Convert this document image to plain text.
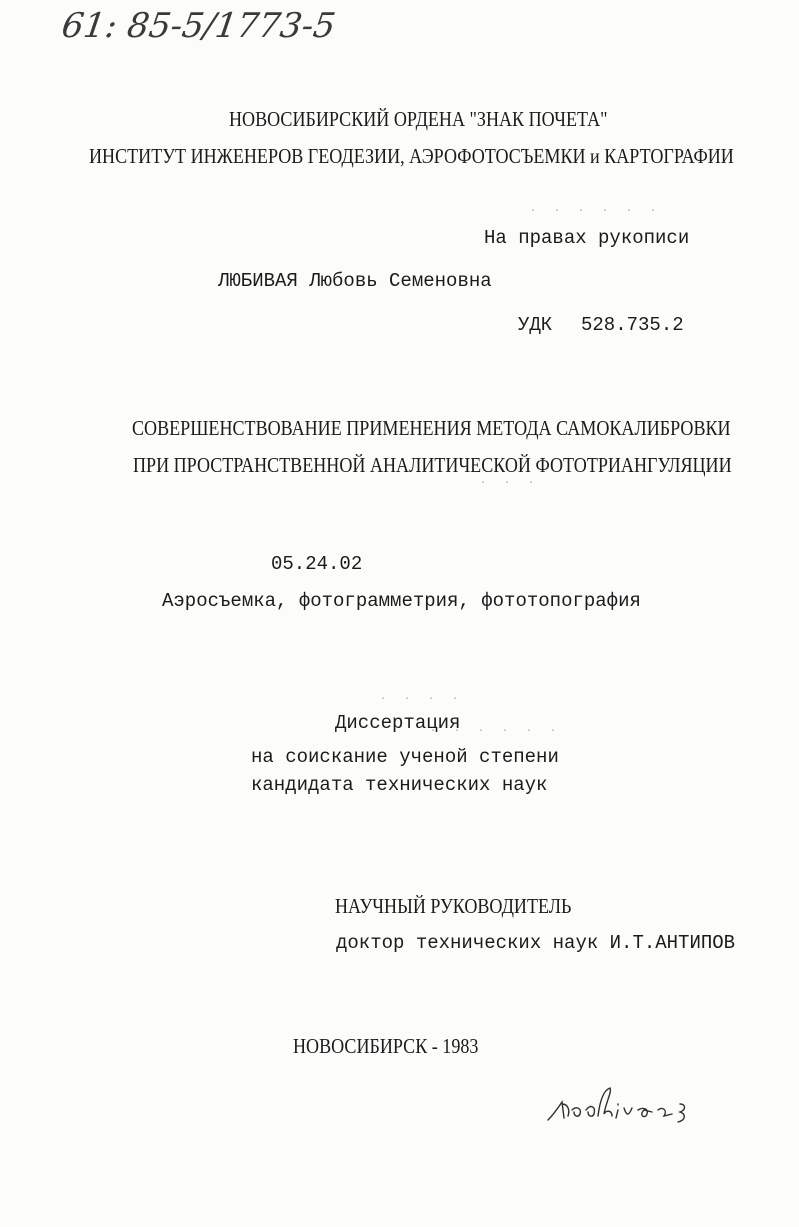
61: 85-5/1773-5
· · · · · ·
· · ·
· · · ·
· · · · · ·
НОВОСИБИРСКИЙ ОРДЕНА "ЗНАК ПОЧЕТА"
ИНСТИТУТ ИНЖЕНЕРОВ ГЕОДЕЗИИ, АЭРОФОТОСЪЕМКИ и КАРТОГРАФИИ
На правах рукописи
ЛЮБИВАЯ Любовь Семеновна
УДК 528.735.2
СОВЕРШЕНСТВОВАНИЕ ПРИМЕНЕНИЯ МЕТОДА САМОКАЛИБРОВКИ
ПРИ ПРОСТРАНСТВЕННОЙ АНАЛИТИЧЕСКОЙ ФОТОТРИАНГУЛЯЦИИ
05.24.02
Аэросъемка, фотограмметрия, фототопография
Диссертация
на соискание ученой степени
кандидата технических наук
НАУЧНЫЙ РУКОВОДИТЕЛЬ
доктор технических наук И.Т.АНТИПОВ
НОВОСИБИРСК - 1983
